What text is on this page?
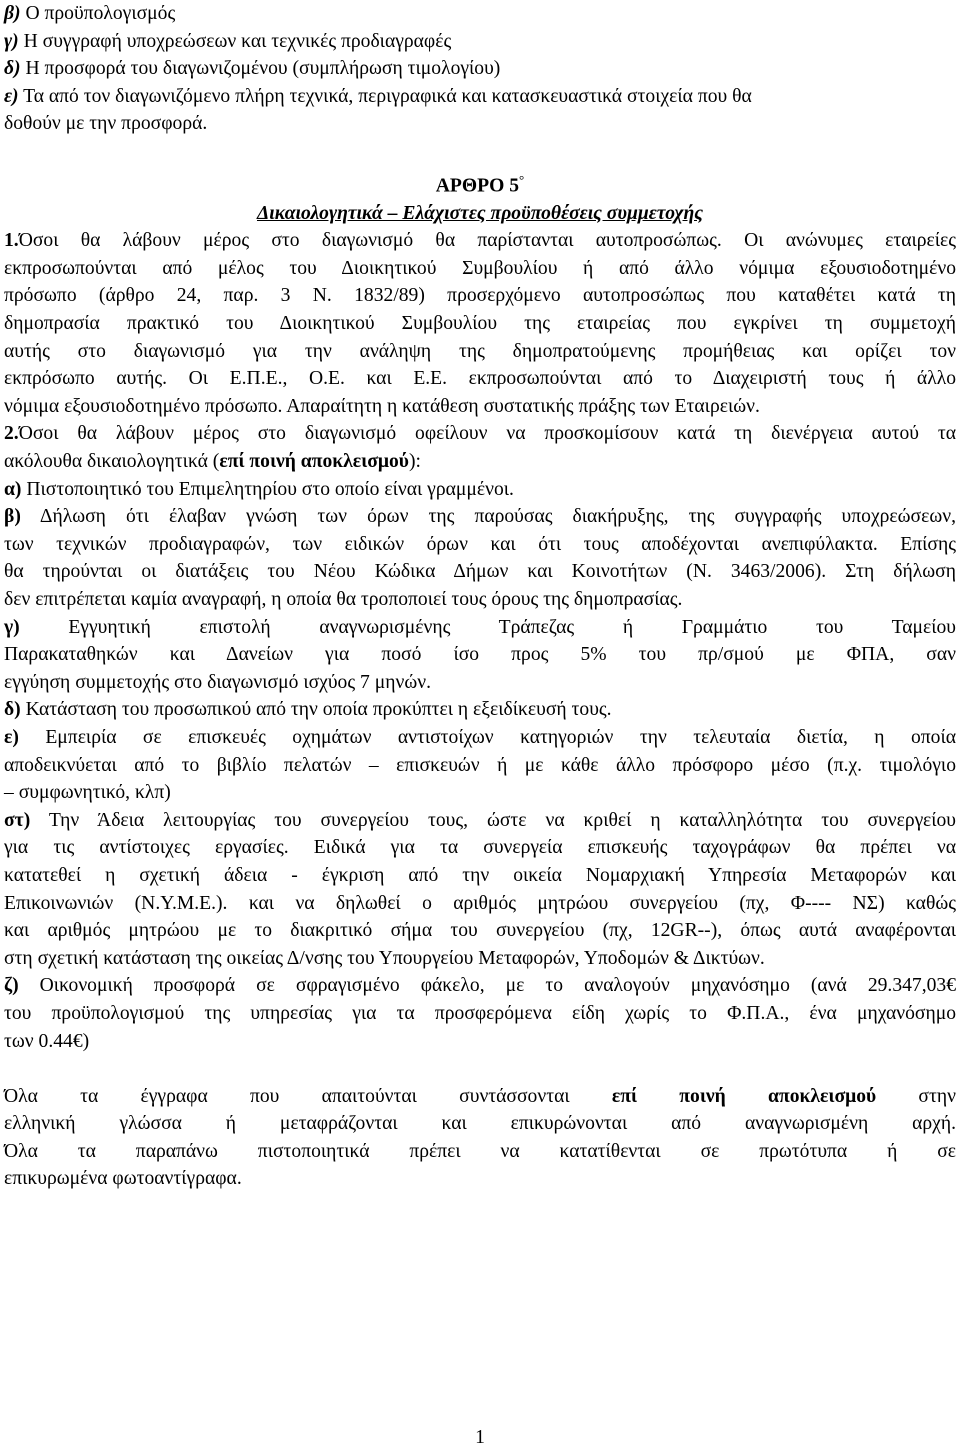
β) Ο προϋπολογισμός

γ) Η συγγραφή υποχρεώσεων και τεχνικές προδιαγραφές

δ) Η προσφορά του διαγωνιζομένου (συμπλήρωση τιμολογίου)

ε) Τα από τον διαγωνιζόμενο πλήρη τεχνικά, περιγραφικά και κατασκευαστικά στοιχεία που θα

δοθούν με την προσφορά.

ΑΡΘΡΟ 5°

Δικαιολογητικά – Ελάχιστες προϋποθέσεις συμμετοχής

1.Όσοι θα λάβουν μέρος στο διαγωνισμό θα παρίστανται αυτοπροσώπως. Οι ανώνυμες εταιρείες

εκπροσωπούνται από μέλος του Διοικητικού Συμβουλίου ή από άλλο νόμιμα εξουσιοδοτημένο

πρόσωπο (άρθρο 24, παρ. 3 Ν. 1832/89) προσερχόμενο αυτοπροσώπως που καταθέτει κατά τη

δημοπρασία πρακτικό του Διοικητικού Συμβουλίου της εταιρείας που εγκρίνει τη συμμετοχή

αυτής στο διαγωνισμό για την ανάληψη της δημοπρατούμενης προμήθειας και ορίζει τον

εκπρόσωπο αυτής. Οι Ε.Π.Ε., Ο.Ε. και Ε.Ε. εκπροσωπούνται από το Διαχειριστή τους ή άλλο

νόμιμα εξουσιοδοτημένο πρόσωπο. Απαραίτητη η κατάθεση συστατικής πράξης των Εταιρειών.

2.Όσοι θα λάβουν μέρος στο διαγωνισμό οφείλουν να προσκομίσουν κατά τη διενέργεια αυτού τα

ακόλουθα δικαιολογητικά (επί ποινή αποκλεισμού):

α) Πιστοποιητικό του Επιμελητηρίου στο οποίο είναι γραμμένοι.

β) Δήλωση ότι έλαβαν γνώση των όρων της παρούσας διακήρυξης, της συγγραφής υποχρεώσεων,

των τεχνικών προδιαγραφών, των ειδικών όρων και ότι τους αποδέχονται ανεπιφύλακτα. Επίσης

θα τηρούνται οι διατάξεις του Νέου Κώδικα Δήμων και Κοινοτήτων (Ν. 3463/2006). Στη δήλωση

δεν επιτρέπεται καμία αναγραφή, η οποία θα τροποποιεί τους όρους της δημοπρασίας.

γ) Εγγυητική επιστολή αναγνωρισμένης Τράπεζας ή Γραμμάτιο του Ταμείου

Παρακαταθηκών και Δανείων για ποσό ίσο προς 5% του πρ/σμού με ΦΠΑ, σαν

εγγύηση συμμετοχής στο διαγωνισμό ισχύος 7 μηνών.

δ) Κατάσταση του προσωπικού από την οποία προκύπτει η εξειδίκευσή τους.

ε) Εμπειρία σε επισκευές οχημάτων αντιστοίχων κατηγοριών την τελευταία διετία, η οποία

αποδεικνύεται από το βιβλίο πελατών – επισκευών ή με κάθε άλλο πρόσφορο μέσο (π.χ. τιμολόγιο

– συμφωνητικό, κλπ)

στ) Την Άδεια λειτουργίας του συνεργείου τους, ώστε να κριθεί η καταλληλότητα του συνεργείου

για τις αντίστοιχες εργασίες. Ειδικά για τα συνεργεία επισκευής ταχογράφων θα πρέπει να

κατατεθεί η σχετική άδεια - έγκριση από την οικεία Νομαρχιακή Υπηρεσία Μεταφορών και

Επικοινωνιών (Ν.Υ.Μ.Ε.). και να δηλωθεί ο αριθμός μητρώου συνεργείου (πχ, Φ---- ΝΣ) καθώς

και αριθμός μητρώου με το διακριτικό σήμα του συνεργείου (πχ, 12GR--), όπως αυτά αναφέρονται

στη σχετική κατάσταση της οικείας Δ/νσης του Υπουργείου Μεταφορών, Υποδομών & Δικτύων.

ζ) Οικονομική προσφορά σε σφραγισμένο φάκελο, με το αναλογούν μηχανόσημο (ανά 29.347,03€

του προϋπολογισμού της υπηρεσίας για τα προσφερόμενα είδη χωρίς το Φ.Π.Α., ένα μηχανόσημο

των 0.44€)

Όλα τα έγγραφα που απαιτούνται συντάσσονται επί ποινή αποκλεισμού στην

ελληνική γλώσσα ή μεταφράζονται και επικυρώνονται από αναγνωρισμένη αρχή.

Όλα τα παραπάνω πιστοποιητικά πρέπει να κατατίθενται σε πρωτότυπα ή σε

επικυρωμένα φωτοαντίγραφα.

1
